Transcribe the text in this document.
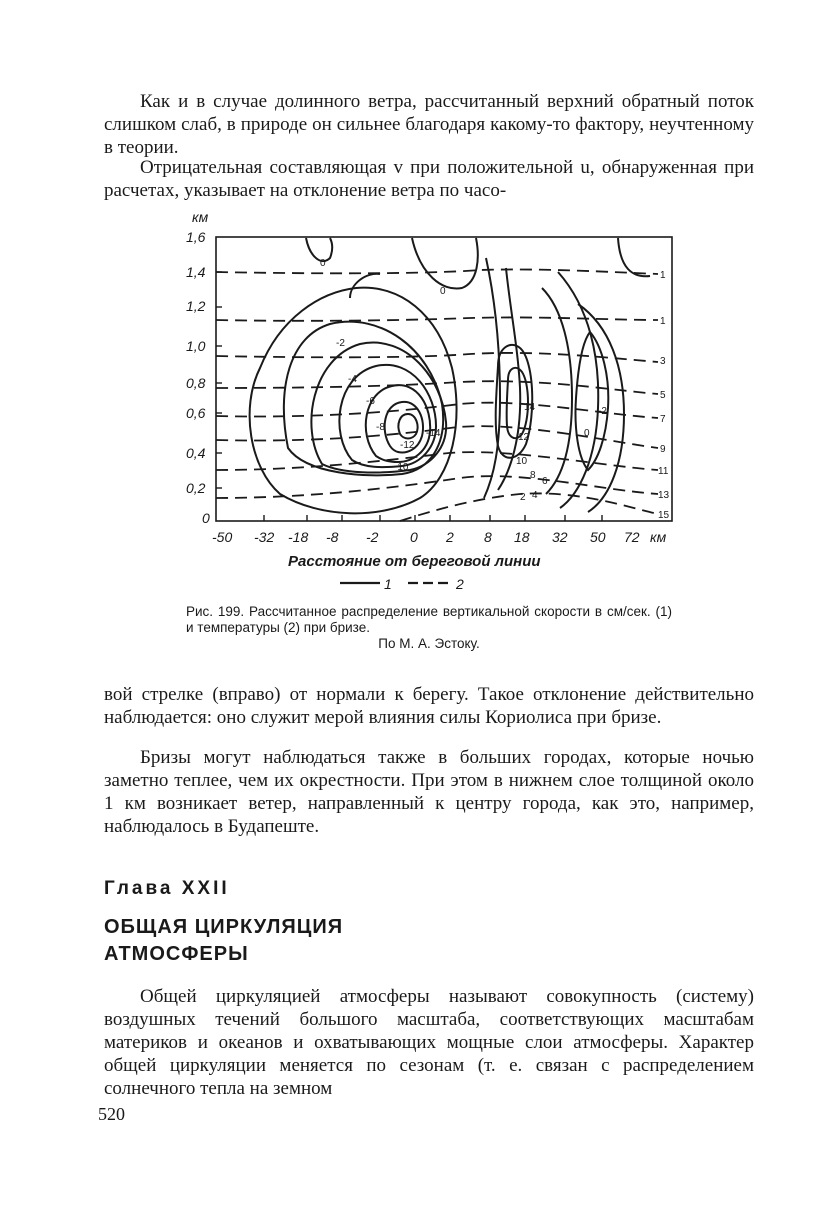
Как и в случае долинного ветра, рассчитанный верхний обратный поток слишком слаб, в природе он сильнее благодаря какому-то фактору, неучтенному в теории.

Отрицательная составляющая v при положительной u, обнаруженная при расчетах, указывает на отклонение ветра по часо-

км
1,6
1,4
1,2
1,0
0,8
0,6
0,4
0,2
0
0
0
-2
-4
-6
-8
-10
-12
-14
14
12
10
8
6
4
2
-2
0
1
1
3
5
7
9
11
13
15
-50 -32 -18 -8 -2 0 2 8 18 32 50 72 км
Расстояние от береговой линии
1	2

Рис. 199. Рассчитанное распределение вертикальной скорости в см/сек. (1) и температуры (2) при бризе.
По М. А. Эстоку.

вой стрелке (вправо) от нормали к берегу. Такое отклонение действительно наблюдается: оно служит мерой влияния силы Кориолиса при бризе.

Бризы могут наблюдаться также в больших городах, которые ночью заметно теплее, чем их окрестности. При этом в нижнем слое толщиной около 1 км возникает ветер, направленный к центру города, как это, например, наблюдалось в Будапеште.

Глава XXII

ОБЩАЯ ЦИРКУЛЯЦИЯ
АТМОСФЕРЫ

Общей циркуляцией атмосферы называют совокупность (систему) воздушных течений большого масштаба, соответствующих масштабам материков и океанов и охватывающих мощные слои атмосферы. Характер общей циркуляции меняется по сезонам (т. е. связан с распределением солнечного тепла на земном

520
